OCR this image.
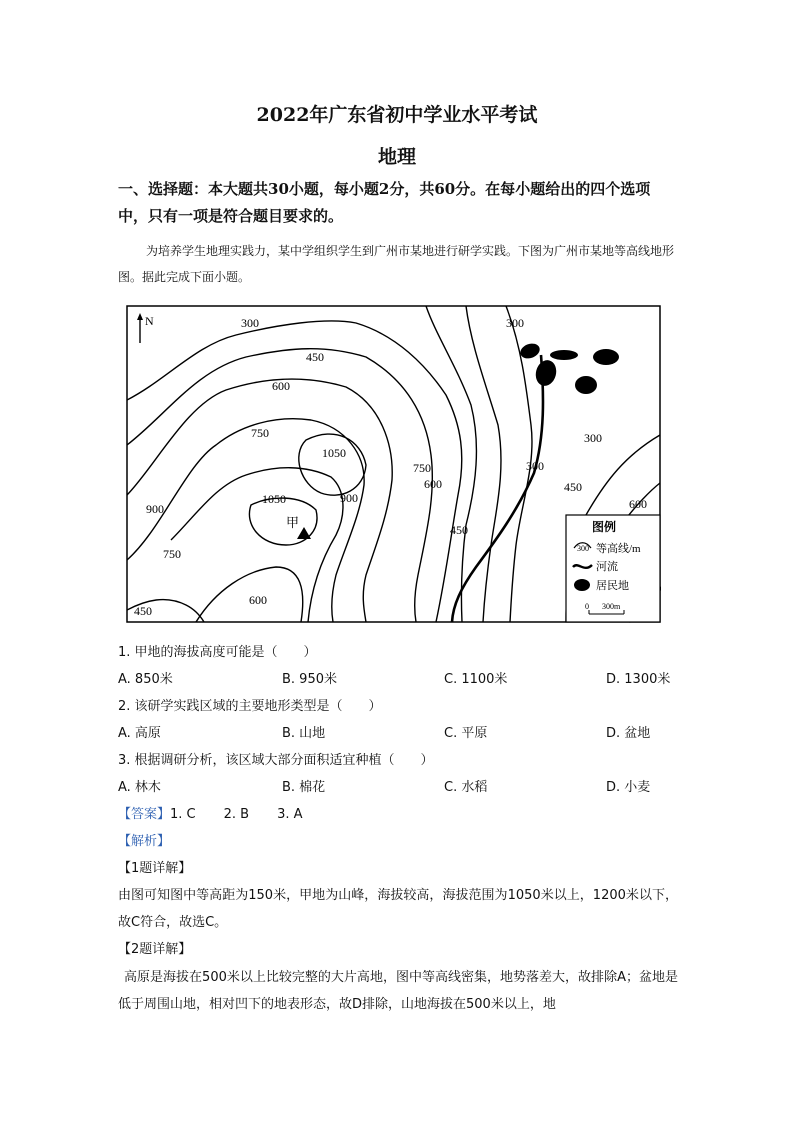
2022年广东省初中学业水平考试
地理
一、选择题：本大题共30小题，每小题2分，共60分。在每小题给出的四个选项中，只有一项是符合题目要求的。
为培养学生地理实践力，某中学组织学生到广州市某地进行研学实践。下图为广州市某地等高线地形图。据此完成下面小题。
300
450
600
750
1050
900
1050
900
750
600
450
300
300
450
600
300
750
450
600
甲
N
图例
300 等高线/m
河流
居民地
0 300m
1. 甲地的海拔高度可能是（　　）
A. 850米	B. 950米	C. 1100米	D. 1300米
2. 该研学实践区域的主要地形类型是（　　）
A. 高原	B. 山地	C. 平原	D. 盆地
3. 根据调研分析，该区域大部分面积适宜种植（　　）
A. 林木	B. 棉花	C. 水稻	D. 小麦
【答案】1. C 2. B 3. A
【解析】
【1题详解】
由图可知图中等高距为150米，甲地为山峰，海拔较高，海拔范围为1050米以上，1200米以下，故C符合，故选C。
【2题详解】
高原是海拔在500米以上比较完整的大片高地，图中等高线密集，地势落差大，故排除A；盆地是低于周围山地，相对凹下的地表形态，故D排除，山地海拔在500米以上，地
